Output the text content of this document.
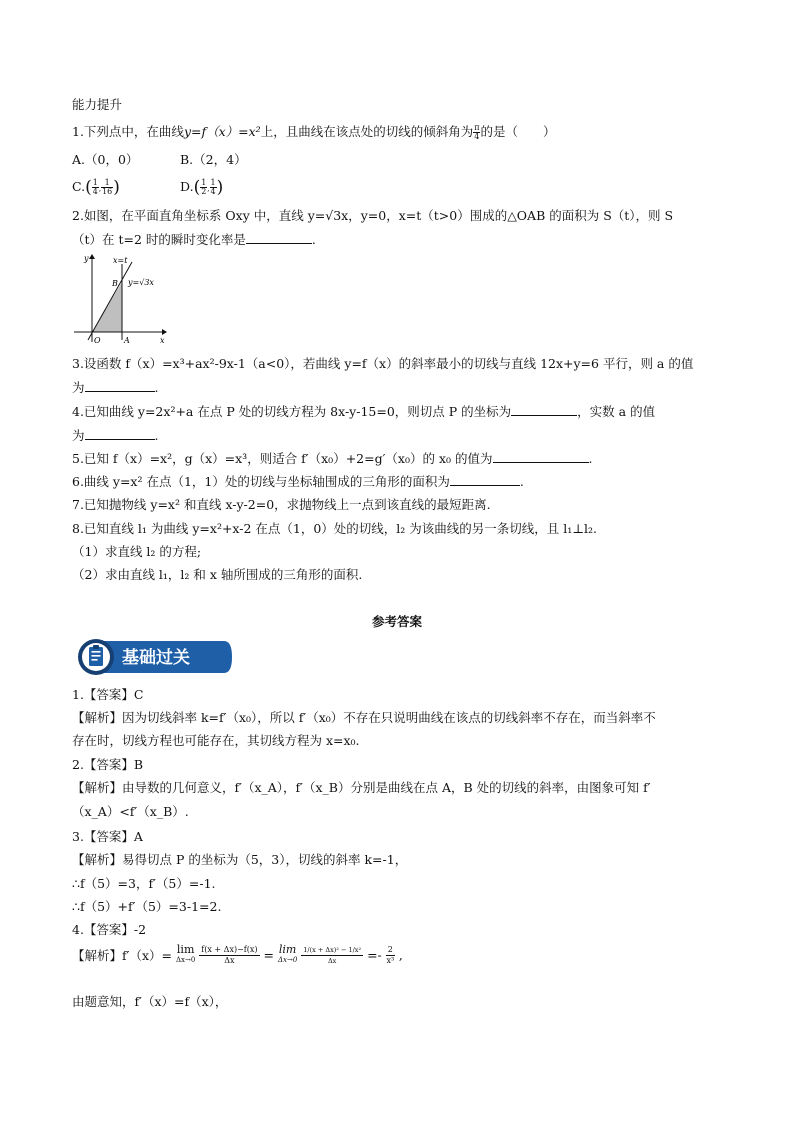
能力提升
1.下列点中，在曲线y=f（x）=x²上，且曲线在该点处的切线的倾斜角为 $\frac{\pi}{4}$ 的是（　　）
A.（0，0）	B.（2，4）
$C.( \frac{1}{4}$ , $\frac{1}{16}$ )	$D.( \frac{1}{2}$ , $\frac{1}{4}$ )
2.如图，在平面直角坐标系 Oxy 中，直线 y=√3x，y=0，x=t（t>0）围成的△OAB 的面积为 S（t），则 S
（t）在 t=2 时的瞬时变化率是	.
y
x
x=t
B y=√3x
O	A
3.设函数 f（x）=x³+ax²-9x-1（a<0），若曲线 y=f（x）的斜率最小的切线与直线 12x+y=6 平行，则 a 的值
为	.
4.已知曲线 y=2x²+a 在点 P 处的切线方程为 8x-y-15=0，则切点 P 的坐标为	，实数 a 的值
为	.
5.已知 f（x）=x²，g（x）=x³，则适合 f′（x₀）+2=g′（x₀）的 x₀ 的值为	.
6.曲线 y=x² 在点（1，1）处的切线与坐标轴围成的三角形的面积为	.
7.已知抛物线 y=x² 和直线 x-y-2=0，求抛物线上一点到该直线的最短距离.
8.已知直线 l₁ 为曲线 y=x²+x-2 在点（1，0）处的切线，l₂ 为该曲线的另一条切线，且 l₁⊥l₂.
（1）求直线 l₂ 的方程;
（2）求由直线 l₁，l₂ 和 x 轴所围成的三角形的面积.
参考答案
基础过关
1.【答案】C
【解析】因为切线斜率 k=f′（x₀），所以 f′（x₀）不存在只说明曲线在该点的切线斜率不存在，而当斜率不
存在时，切线方程也可能存在，其切线方程为 x=x₀.
2.【答案】B
【解析】由导数的几何意义，f′（x_A），f′（x_B）分别是曲线在点 A，B 处的切线的斜率，由图象可知 f′
（x_A）<f′（x_B）.
3.【答案】A
【解析】易得切点 P 的坐标为（5，3），切线的斜率 k=-1，
∴f（5）=3，f′（5）=-1.
∴f（5）+f′（5）=3-1=2.
4.【答案】-2
【解析】f′（x）= lim
Δx→0
$\frac{f(x + \Delta x)-f(x)}{\Delta x} = \lim$
Δx→0
$\frac{\text{1/(x + Δx)² − 1/x²}}{\Delta x} =- \frac{2}{\text{x³}}$ ,
由题意知，f′（x）=f（x），
